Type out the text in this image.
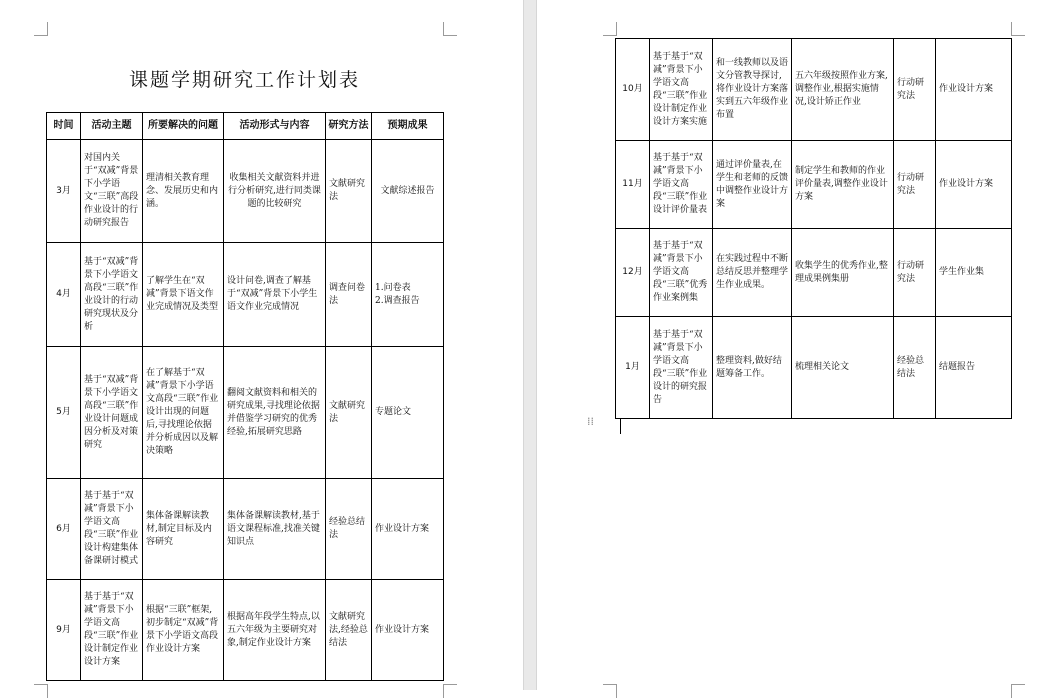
课题学期研究工作计划表
时间	活动主题	所要解决的问题	活动形式与内容	研究方法	预期成果
3月	对国内关于“双减”背景下小学语文“三联”高段作业设计的行动研究报告	理清相关教育理念、发展历史和内涵。	收集相关文献资料并进行分析研究,进行同类课题的比较研究	文献研究法	文献综述报告
4月	基于“双减”背景下小学语文高段“三联”作业设计的行动研究现状及分析	了解学生在“双减”背景下语文作业完成情况及类型	设计问卷,调查了解基于“双减”背景下小学生语文作业完成情况	调查问卷法	1.问卷表
2.调查报告
5月	基于“双减”背景下小学语文高段“三联”作业设计问题成因分析及对策研究	在了解基于“双减”背景下小学语文高段“三联”作业设计出现的问题后,寻找理论依据并分析成因以及解决策略	翻阅文献资料和相关的研究成果,寻找理论依据并借鉴学习研究的优秀经验,拓展研究思路	文献研究法	专题论文
6月	基于基于“双减”背景下小学语文高段“三联”作业设计构建集体备课研讨模式	集体备课解读教材,制定目标及内容研究	集体备课解读教材,基于语文课程标准,找准关键知识点	经验总结法	作业设计方案
9月	基于基于“双减”背景下小学语文高段“三联”作业设计制定作业设计方案	根据“三联”框架,初步制定“双减”背景下小学语文高段作业设计方案	根据高年段学生特点,以五六年级为主要研究对象,制定作业设计方案	文献研究法,经验总结法	作业设计方案
10月	基于基于“双减”背景下小学语文高段“三联”作业设计制定作业设计方案实施	和一线教师以及语文分管教导探讨,将作业设计方案落实到五六年级作业布置	五六年级按照作业方案,调整作业,根据实施情况,设计矫正作业	行动研究法	作业设计方案
11月	基于基于“双减”背景下小学语文高段“三联”作业设计评价量表	通过评价量表,在学生和老师的反馈中调整作业设计方案	制定学生和教师的作业评价量表,调整作业设计方案	行动研究法	作业设计方案
12月	基于基于“双减”背景下小学语文高段“三联”优秀作业案例集	在实践过程中不断总结反思并整理学生作业成果。	收集学生的优秀作业,整理成果例集册	行动研究法	学生作业集
1月	基于基于“双减”背景下小学语文高段“三联”作业设计的研究报告	整理资料,做好结题筹备工作。	梳理相关论文	经验总结法	结题报告
⁞⁞
